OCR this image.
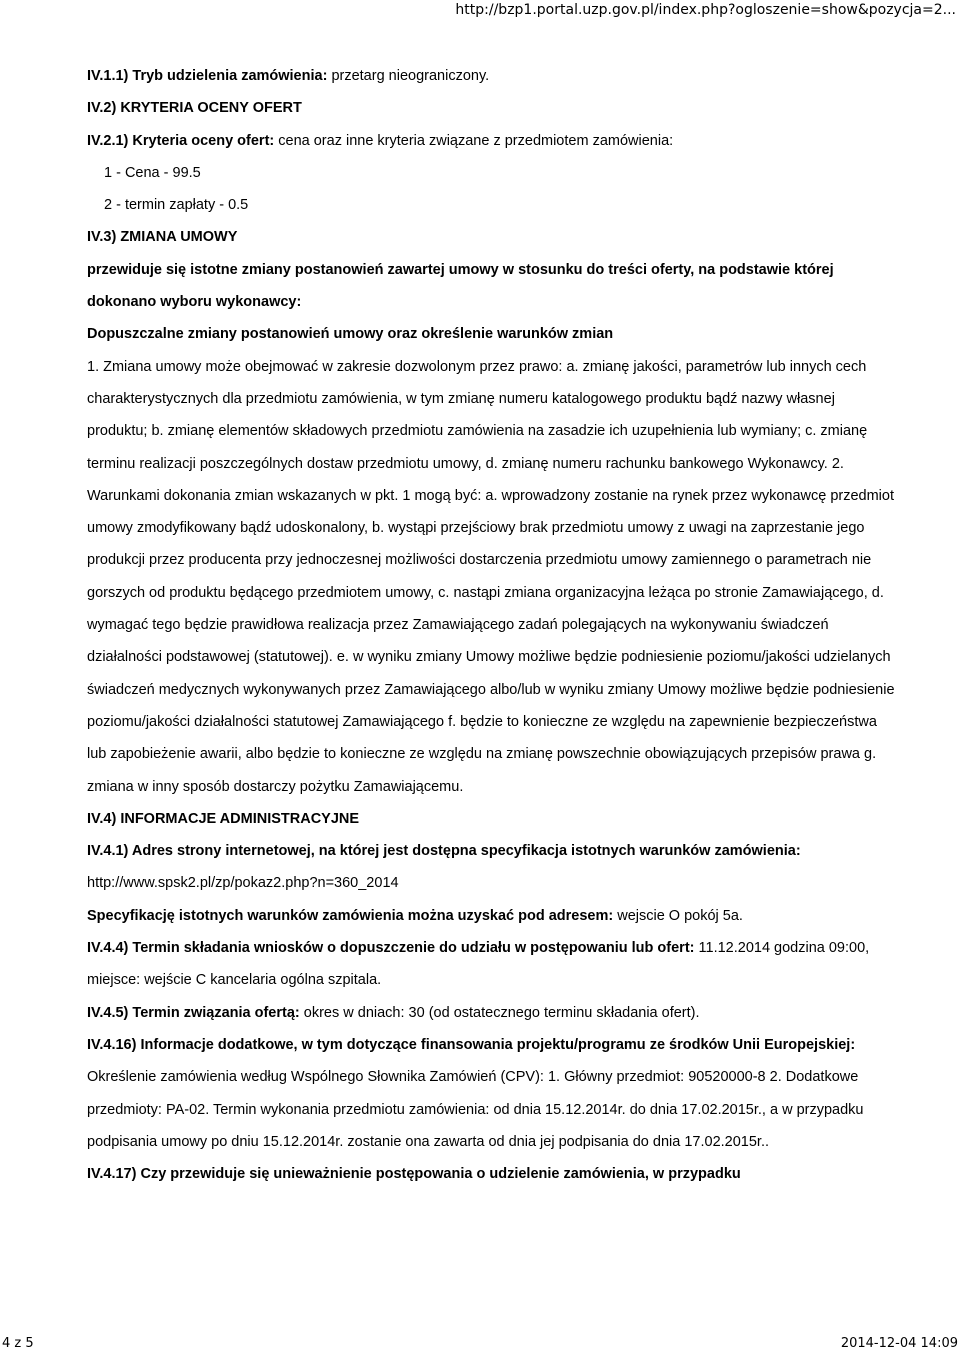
http://bzp1.portal.uzp.gov.pl/index.php?ogloszenie=show&pozycja=2...

IV.1.1) Tryb udzielenia zamówienia: przetarg nieograniczony.

IV.2) KRYTERIA OCENY OFERT

IV.2.1) Kryteria oceny ofert: cena oraz inne kryteria związane z przedmiotem zamówienia:

1 - Cena - 99.5

2 - termin zapłaty - 0.5

IV.3) ZMIANA UMOWY

przewiduje się istotne zmiany postanowień zawartej umowy w stosunku do treści oferty, na podstawie której dokonano wyboru wykonawcy:

Dopuszczalne zmiany postanowień umowy oraz określenie warunków zmian

1. Zmiana umowy może obejmować w zakresie dozwolonym przez prawo: a. zmianę jakości, parametrów lub innych cech charakterystycznych dla przedmiotu zamówienia, w tym zmianę numeru katalogowego produktu bądź nazwy własnej produktu; b. zmianę elementów składowych przedmiotu zamówienia na zasadzie ich uzupełnienia lub wymiany; c. zmianę terminu realizacji poszczególnych dostaw przedmiotu umowy, d. zmianę numeru rachunku bankowego Wykonawcy. 2. Warunkami dokonania zmian wskazanych w pkt. 1 mogą być: a. wprowadzony zostanie na rynek przez wykonawcę przedmiot umowy zmodyfikowany bądź udoskonalony, b. wystąpi przejściowy brak przedmiotu umowy z uwagi na zaprzestanie jego produkcji przez producenta przy jednoczesnej możliwości dostarczenia przedmiotu umowy zamiennego o parametrach nie gorszych od produktu będącego przedmiotem umowy, c. nastąpi zmiana organizacyjna leżąca po stronie Zamawiającego, d. wymagać tego będzie prawidłowa realizacja przez Zamawiającego zadań polegających na wykonywaniu świadczeń działalności podstawowej (statutowej). e. w wyniku zmiany Umowy możliwe będzie podniesienie poziomu/jakości udzielanych świadczeń medycznych wykonywanych przez Zamawiającego albo/lub w wyniku zmiany Umowy możliwe będzie podniesienie poziomu/jakości działalności statutowej Zamawiającego f. będzie to konieczne ze względu na zapewnienie bezpieczeństwa lub zapobieżenie awarii, albo będzie to konieczne ze względu na zmianę powszechnie obowiązujących przepisów prawa g. zmiana w inny sposób dostarczy pożytku Zamawiającemu.

IV.4) INFORMACJE ADMINISTRACYJNE

IV.4.1) Adres strony internetowej, na której jest dostępna specyfikacja istotnych warunków zamówienia:

http://www.spsk2.pl/zp/pokaz2.php?n=360_2014

Specyfikację istotnych warunków zamówienia można uzyskać pod adresem: wejscie O pokój 5a.

IV.4.4) Termin składania wniosków o dopuszczenie do udziału w postępowaniu lub ofert: 11.12.2014 godzina 09:00, miejsce: wejście C kancelaria ogólna szpitala.

IV.4.5) Termin związania ofertą: okres w dniach: 30 (od ostatecznego terminu składania ofert).

IV.4.16) Informacje dodatkowe, w tym dotyczące finansowania projektu/programu ze środków Unii Europejskiej: Określenie zamówienia według Wspólnego Słownika Zamówień (CPV): 1. Główny przedmiot: 90520000-8 2. Dodatkowe przedmioty: PA-02. Termin wykonania przedmiotu zamówienia: od dnia 15.12.2014r. do dnia 17.02.2015r., a w przypadku podpisania umowy po dniu 15.12.2014r. zostanie ona zawarta od dnia jej podpisania do dnia 17.02.2015r..

IV.4.17) Czy przewiduje się unieważnienie postępowania o udzielenie zamówienia, w przypadku

4 z 5	2014-12-04 14:09
